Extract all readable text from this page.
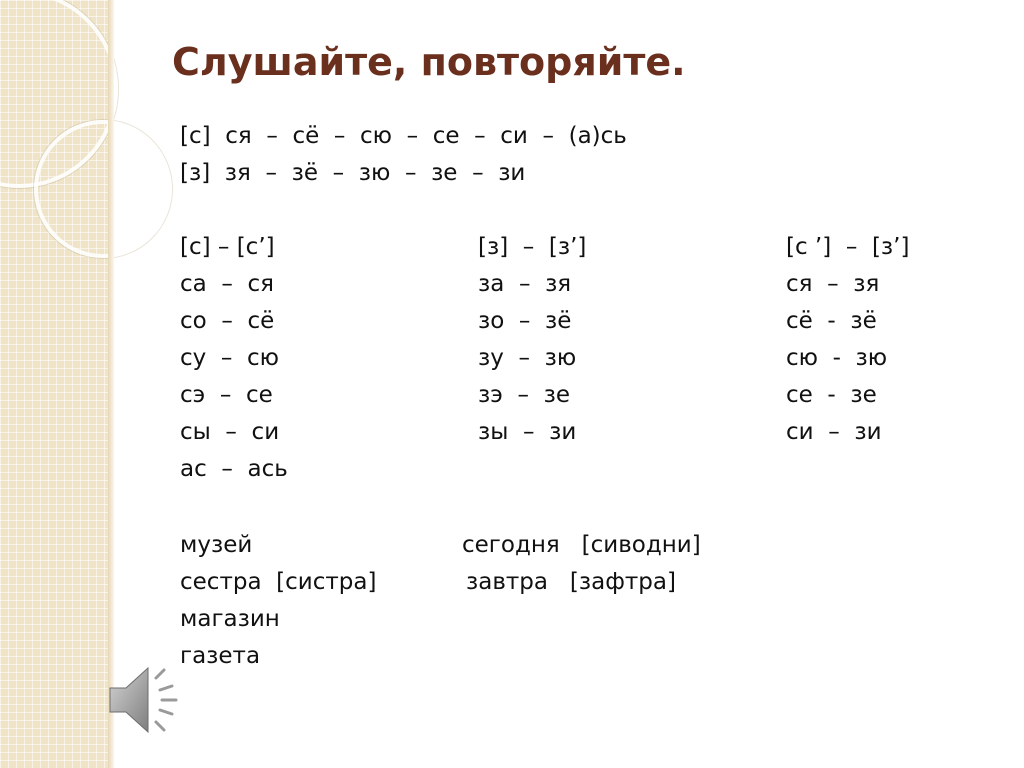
Слушайте, повторяйте.
[с]  ся  –  сё  –  сю  –  се  –  си  –  (а)сь
[з]  зя  –  зё  –  зю  –  зе  –  зи
[с] – [с’]
са  –  ся
со  –  сё
су  –  сю
сэ  –  се
сы  –  си
ас  –  ась
[з]  –  [з’]
за  –  зя
зо  –  зё
зу  –  зю
зэ  –  зе
зы  –  зи
[с ’]  –  [з’]
ся  –  зя
сё  -  зё
сю  -  зю
се  -  зе
си  –  зи
музей
сестра  [систра]
магазин
газета
сегодня   [сиводни]
завтра   [зафтра]
